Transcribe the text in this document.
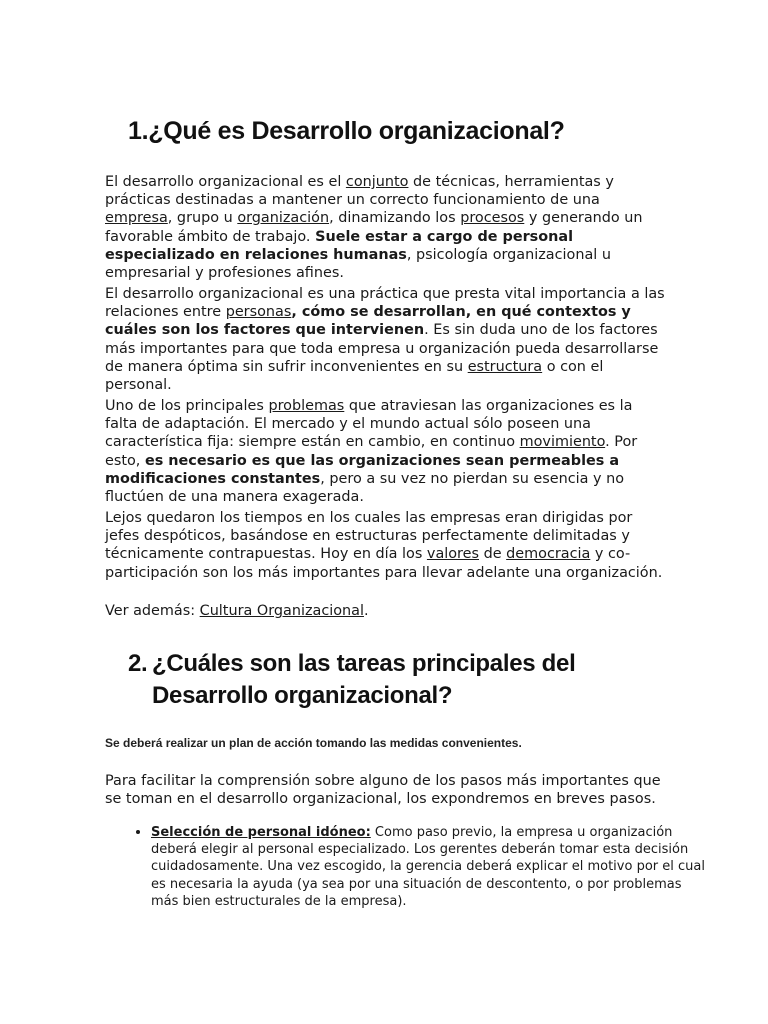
1.¿Qué es Desarrollo organizacional?

El desarrollo organizacional es el conjunto de técnicas, herramientas y prácticas destinadas a mantener un correcto funcionamiento de una empresa, grupo u organización, dinamizando los procesos y generando un favorable ámbito de trabajo. Suele estar a cargo de personal especializado en relaciones humanas, psicología organizacional u empresarial y profesiones afines.

El desarrollo organizacional es una práctica que presta vital importancia a las relaciones entre personas, cómo se desarrollan, en qué contextos y cuáles son los factores que intervienen. Es sin duda uno de los factores más importantes para que toda empresa u organización pueda desarrollarse de manera óptima sin sufrir inconvenientes en su estructura o con el personal.

Uno de los principales problemas que atraviesan las organizaciones es la falta de adaptación. El mercado y el mundo actual sólo poseen una característica fija: siempre están en cambio, en continuo movimiento. Por esto, es necesario es que las organizaciones sean permeables a modificaciones constantes, pero a su vez no pierdan su esencia y no fluctúen de una manera exagerada.

Lejos quedaron los tiempos en los cuales las empresas eran dirigidas por jefes despóticos, basándose en estructuras perfectamente delimitadas y técnicamente contrapuestas. Hoy en día los valores de democracia y co-participación son los más importantes para llevar adelante una organización.

Ver además: Cultura Organizacional.

2. ¿Cuáles son las tareas principales del
Desarrollo organizacional?
Se deberá realizar un plan de acción tomando las medidas convenientes.

Para facilitar la comprensión sobre alguno de los pasos más importantes que se toman en el desarrollo organizacional, los expondremos en breves pasos.

• Selección de personal idóneo: Como paso previo, la empresa u organización deberá elegir al personal especializado. Los gerentes deberán tomar esta decisión cuidadosamente. Una vez escogido, la gerencia deberá explicar el motivo por el cual es necesaria la ayuda (ya sea por una situación de descontento, o por problemas más bien estructurales de la empresa).
